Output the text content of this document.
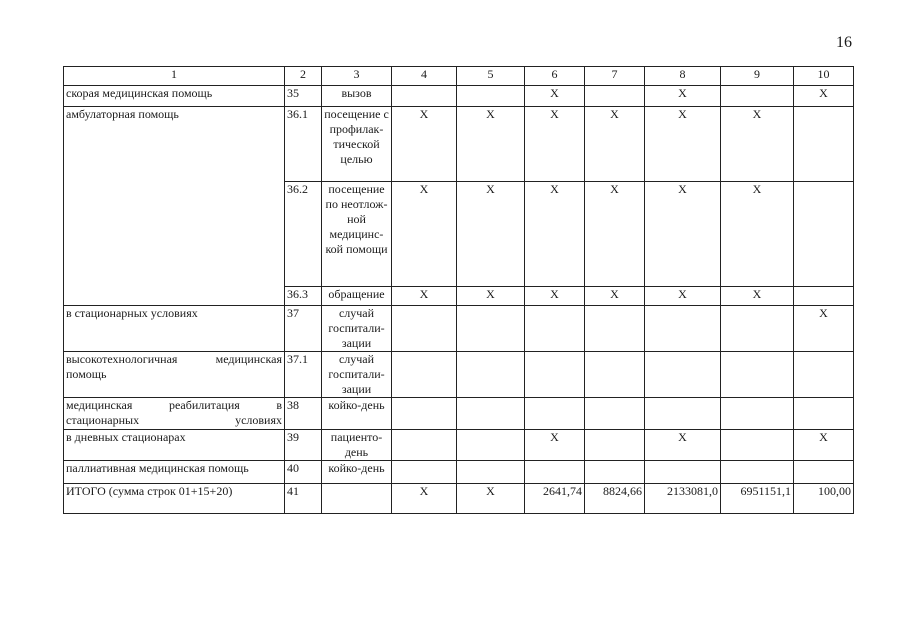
16
1	2	3	4	5	6	7	8	9	10
скорая медицинская помощь	35	вызов			Х		Х		Х
амбулаторная помощь	36.1	посещение с профилак-тической целью	Х	Х	Х	Х	Х	Х	
	36.2	посещение по неотлож-ной медицинс-кой помощи	Х	Х	Х	Х	Х	Х	
	36.3	обращение	Х	Х	Х	Х	Х	Х	
в стационарных условиях	37	случай госпитали-зации							Х
высокотехнологичная медицинская помощь	37.1	случай госпитали-зации							
медицинская реабилитация в стационарных условиях	38	койко-день							
в дневных стационарах	39	пациенто-день			Х		Х		Х
паллиативная медицинская помощь	40	койко-день							
ИТОГО (сумма строк 01+15+20)	41		Х	Х	2641,74	8824,66	2133081,0	6951151,1	100,00
